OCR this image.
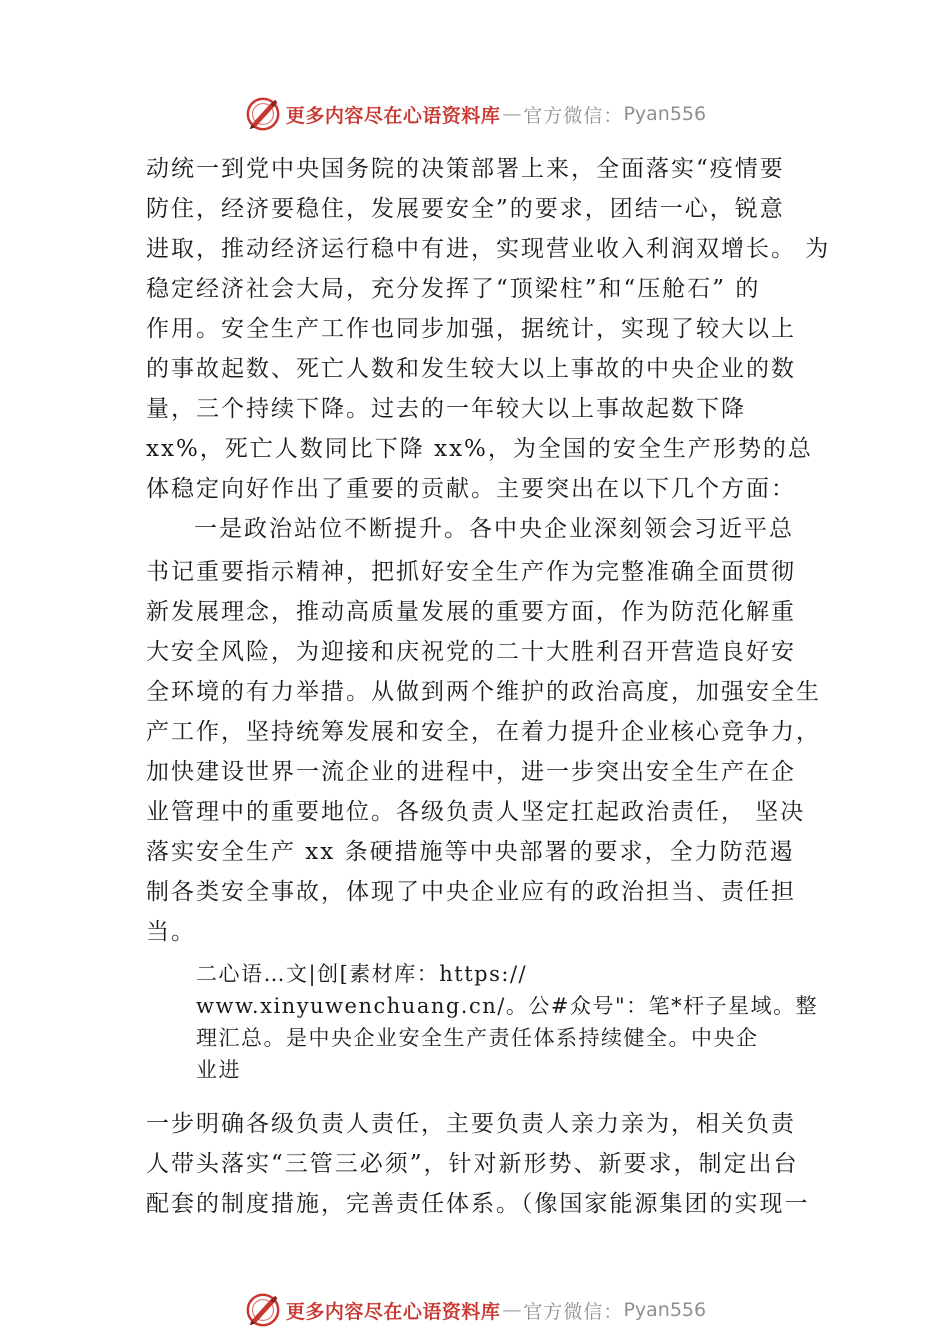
更多内容尽在心语资料库 — 官方微信： Pyan556
动统一到党中央国务院的决策部署上来，全面落实“疫情要
防住，经济要稳住，发展要安全”的要求，团结一心，锐意
进取，推动经济运行稳中有进，实现营业收入利润双增长。 为
稳定经济社会大局，充分发挥了“顶梁柱”和“压舱石” 的
作用。安全生产工作也同步加强，据统计，实现了较大以上
的事故起数、死亡人数和发生较大以上事故的中央企业的数
量，三个持续下降。过去的一年较大以上事故起数下降
xx%，死亡人数同比下降 xx%，为全国的安全生产形势的总
体稳定向好作出了重要的贡献。主要突出在以下几个方面：
一是政治站位不断提升。各中央企业深刻领会习近平总
书记重要指示精神，把抓好安全生产作为完整准确全面贯彻
新发展理念，推动高质量发展的重要方面，作为防范化解重
大安全风险，为迎接和庆祝党的二十大胜利召开营造良好安
全环境的有力举措。从做到两个维护的政治高度，加强安全生
产工作，坚持统筹发展和安全，在着力提升企业核心竞争力，
加快建设世界一流企业的进程中，进一步突出安全生产在企
业管理中的重要地位。各级负责人坚定扛起政治责任， 坚决
落实安全生产 xx 条硬措施等中央部署的要求，全力防范遏
制各类安全事故，体现了中央企业应有的政治担当、责任担
当。
二心语…文|创[素材库：https://
www.xinyuwenchuang.cn/。公#众号"：笔*杆子星域。整
理汇总。是中央企业安全生产责任体系持续健全。中央企
业进
一步明确各级负责人责任，主要负责人亲力亲为，相关负责
人带头落实“三管三必须”，针对新形势、新要求，制定出台
配套的制度措施，完善责任体系。（像国家能源集团的实现一
更多内容尽在心语资料库 — 官方微信： Pyan556
